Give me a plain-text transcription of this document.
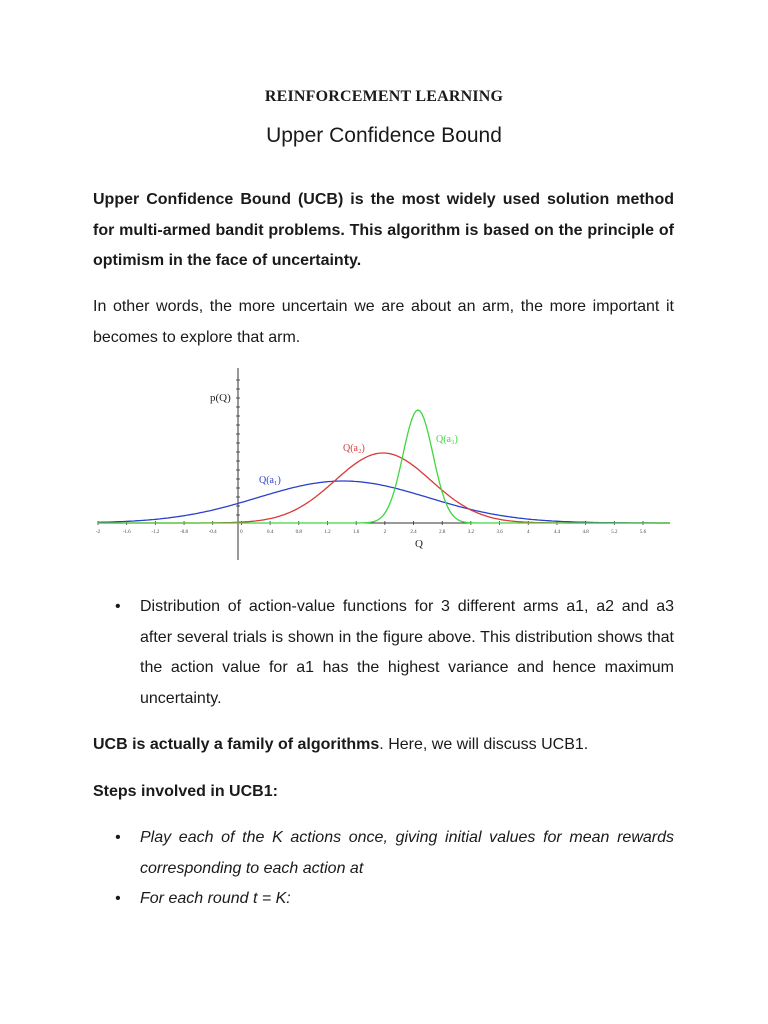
REINFORCEMENT LEARNING
Upper Confidence Bound

Upper Confidence Bound (UCB) is the most widely used solution method for multi-armed bandit problems. This algorithm is based on the principle of optimism in the face of uncertainty.

In other words, the more uncertain we are about an arm, the more important it becomes to explore that arm.

-2	-1.6	-1.2	-0.8	-0.4	0	0.4	0.8	1.2	1.6	2	2.4	2.8	3.2	3.6	4	4.4	4.8	5.2	5.6
p(Q)
Q
Q(a₁)
Q(a₂)
Q(a₃)
• Distribution of action-value functions for 3 different arms a1, a2 and a3 after several trials is shown in the figure above. This distribution shows that the action value for a1 has the highest variance and hence maximum uncertainty.

UCB is actually a family of algorithms. Here, we will discuss UCB1.

Steps involved in UCB1:

• Play each of the K actions once, giving initial values for mean rewards corresponding to each action at
• For each round t = K:
